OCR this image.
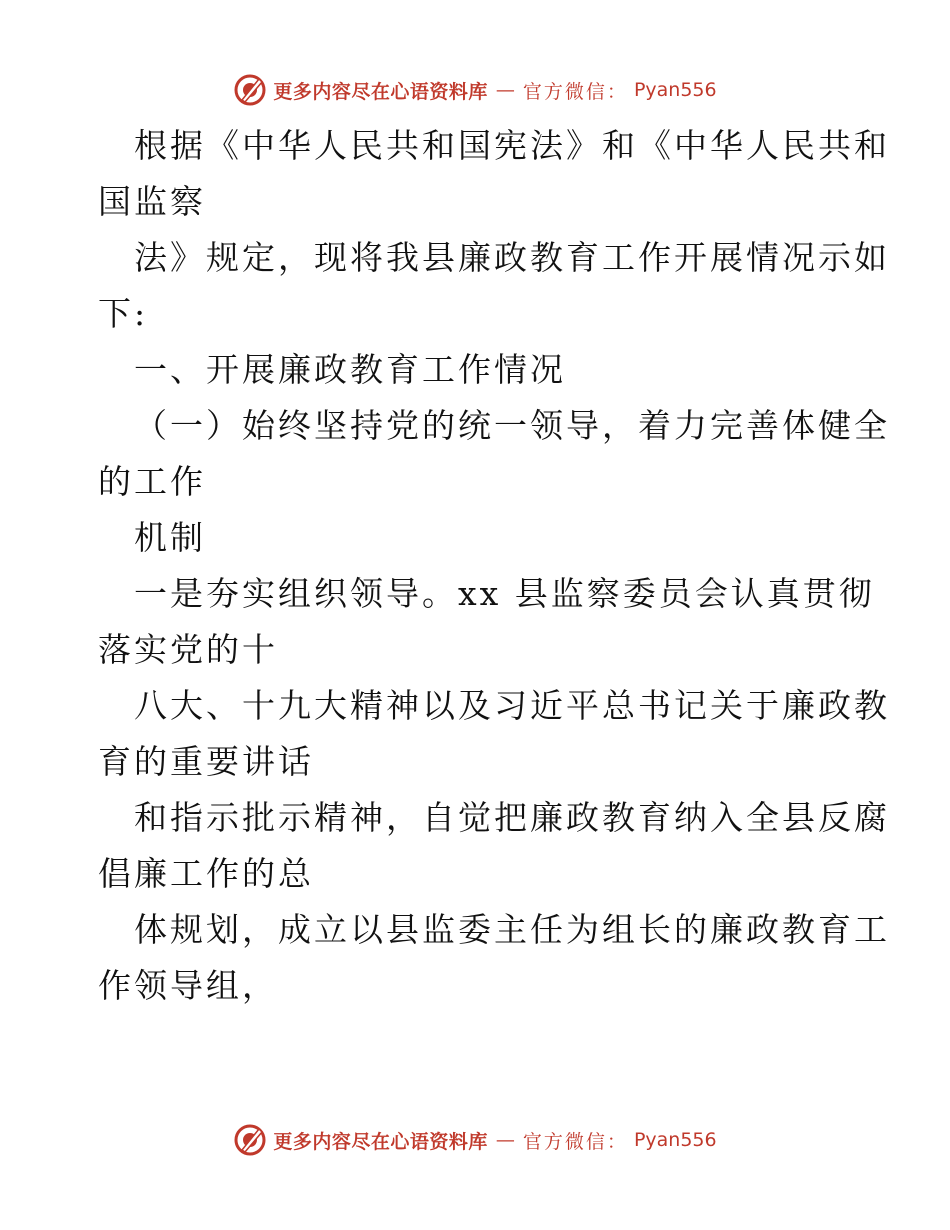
更多内容尽在心语资料库 — 官方微信： Pyan556
根据《中华人民共和国宪法》和《中华人民共和
国监察
法》规定，现将我县廉政教育工作开展情况示如
下:
一、开展廉政教育工作情况
（一）始终坚持党的统一领导，着力完善体健全
的工作
机制
一是夯实组织领导。xx 县监察委员会认真贯彻
落实党的十
八大、十九大精神以及习近平总书记关于廉政教
育的重要讲话
和指示批示精神，自觉把廉政教育纳入全县反腐
倡廉工作的总
体规划，成立以县监委主任为组长的廉政教育工
作领导组，
更多内容尽在心语资料库 — 官方微信： Pyan556
